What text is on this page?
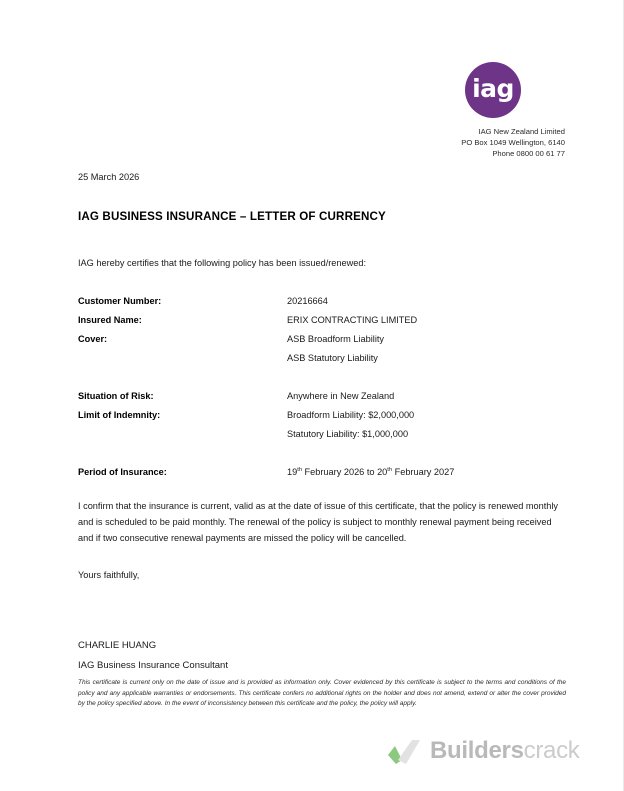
iag
IAG New Zealand Limited
PO Box 1049 Wellington, 6140
Phone 0800 00 61 77
25 March 2026
IAG BUSINESS INSURANCE – LETTER OF CURRENCY
IAG hereby certifies that the following policy has been issued/renewed:
Customer Number:	20216664
Insured Name:	ERIX CONTRACTING LIMITED
Cover:	ASB Broadform Liability
ASB Statutory Liability
Situation of Risk:	Anywhere in New Zealand
Limit of Indemnity:	Broadform Liability: $2,000,000
Statutory Liability: $1,000,000
Period of Insurance:	19th February 2026 to 20th February 2027
I confirm that the insurance is current, valid as at the date of issue of this certificate, that the policy is renewed monthly and is scheduled to be paid monthly. The renewal of the policy is subject to monthly renewal payment being received and if two consecutive renewal payments are missed the policy will be cancelled.
Yours faithfully,
CHARLIE HUANG
IAG Business Insurance Consultant
This certificate is current only on the date of issue and is provided as information only. Cover evidenced by this certificate is subject to the terms and conditions of the policy and any applicable warranties or endorsements. This certificate confers no additional rights on the holder and does not amend, extend or alter the cover provided by the policy specified above. In the event of inconsistency between this certificate and the policy, the policy will apply.
Builderscrack
